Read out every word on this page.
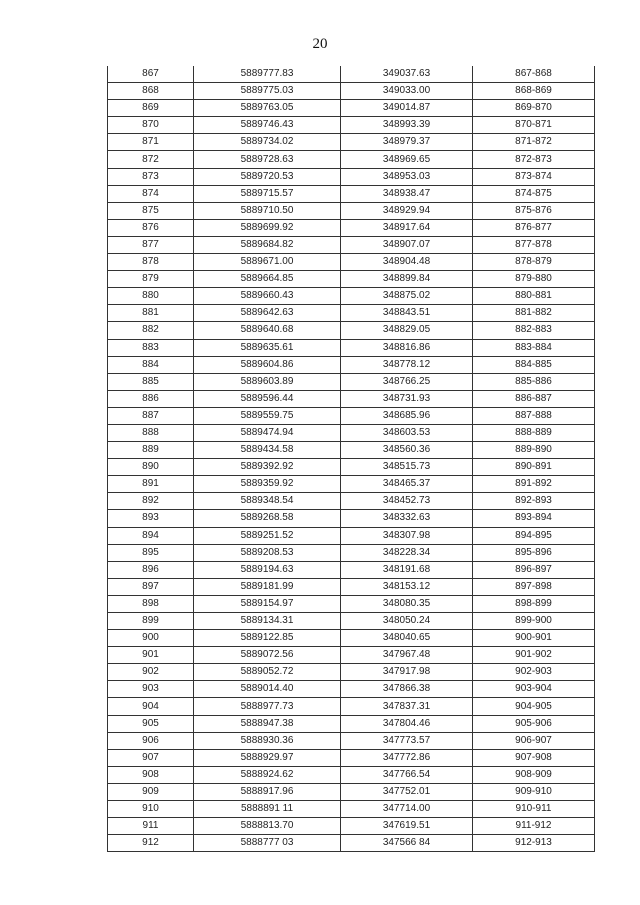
20
867	5889777.83	349037.63	867-868
868	5889775.03	349033.00	868-869
869	5889763.05	349014.87	869-870
870	5889746.43	348993.39	870-871
871	5889734.02	348979.37	871-872
872	5889728.63	348969.65	872-873
873	5889720.53	348953.03	873-874
874	5889715.57	348938.47	874-875
875	5889710.50	348929.94	875-876
876	5889699.92	348917.64	876-877
877	5889684.82	348907.07	877-878
878	5889671.00	348904.48	878-879
879	5889664.85	348899.84	879-880
880	5889660.43	348875.02	880-881
881	5889642.63	348843.51	881-882
882	5889640.68	348829.05	882-883
883	5889635.61	348816.86	883-884
884	5889604.86	348778.12	884-885
885	5889603.89	348766.25	885-886
886	5889596.44	348731.93	886-887
887	5889559.75	348685.96	887-888
888	5889474.94	348603.53	888-889
889	5889434.58	348560.36	889-890
890	5889392.92	348515.73	890-891
891	5889359.92	348465.37	891-892
892	5889348.54	348452.73	892-893
893	5889268.58	348332.63	893-894
894	5889251.52	348307.98	894-895
895	5889208.53	348228.34	895-896
896	5889194.63	348191.68	896-897
897	5889181.99	348153.12	897-898
898	5889154.97	348080.35	898-899
899	5889134.31	348050.24	899-900
900	5889122.85	348040.65	900-901
901	5889072.56	347967.48	901-902
902	5889052.72	347917.98	902-903
903	5889014.40	347866.38	903-904
904	5888977.73	347837.31	904-905
905	5888947.38	347804.46	905-906
906	5888930.36	347773.57	906-907
907	5888929.97	347772.86	907-908
908	5888924.62	347766.54	908-909
909	5888917.96	347752.01	909-910
910	5888891 11	347714.00	910-911
911	5888813.70	347619.51	911-912
912	5888777 03	347566 84	912-913
